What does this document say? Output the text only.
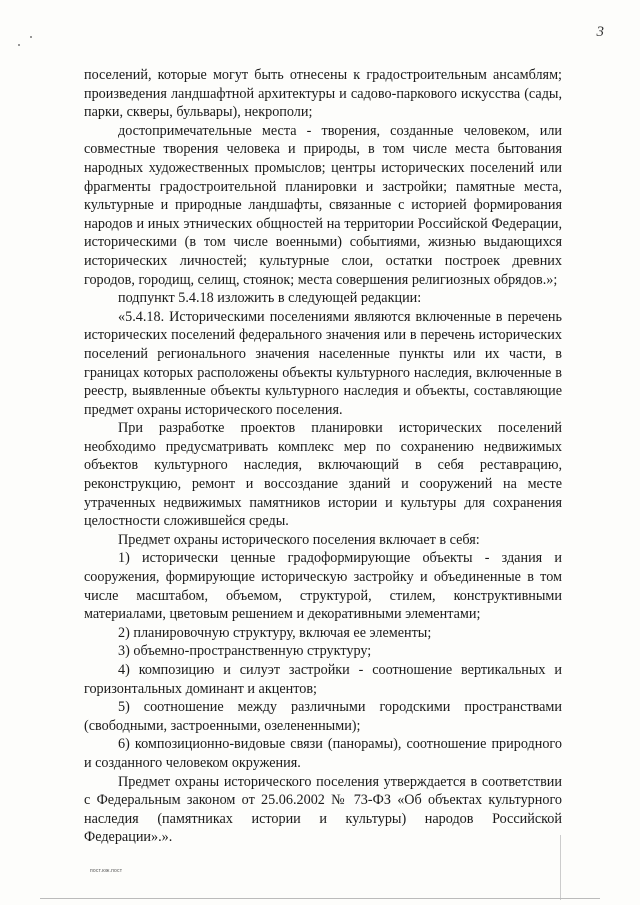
3

поселений, которые могут быть отнесены к градостроительным ансамблям; произведения ландшафтной архитектуры и садово-паркового искусства (сады, парки, скверы, бульвары), некрополи;

достопримечательные места - творения, созданные человеком, или совместные творения человека и природы, в том числе места бытования народных художественных промыслов; центры исторических поселений или фрагменты градостроительной планировки и застройки; памятные места, культурные и природные ландшафты, связанные с историей формирования народов и иных этнических общностей на территории Российской Федерации, историческими (в том числе военными) событиями, жизнью выдающихся исторических личностей; культурные слои, остатки построек древних городов, городищ, селищ, стоянок; места совершения религиозных обрядов.»;

подпункт 5.4.18 изложить в следующей редакции:

«5.4.18. Историческими поселениями являются включенные в перечень исторических поселений федерального значения или в перечень исторических поселений регионального значения населенные пункты или их части, в границах которых расположены объекты культурного наследия, включенные в реестр, выявленные объекты культурного наследия и объекты, составляющие предмет охраны исторического поселения.

При разработке проектов планировки исторических поселений необходимо предусматривать комплекс мер по сохранению недвижимых объектов культурного наследия, включающий в себя реставрацию, реконструкцию, ремонт и воссоздание зданий и сооружений на месте утраченных недвижимых памятников истории и культуры для сохранения целостности сложившейся среды.

Предмет охраны исторического поселения включает в себя:

1) исторически ценные градоформирующие объекты - здания и сооружения, формирующие историческую застройку и объединенные в том числе масштабом, объемом, структурой, стилем, конструктивными материалами, цветовым решением и декоративными элементами;

2) планировочную структуру, включая ее элементы;

3) объемно-пространственную структуру;

4) композицию и силуэт застройки - соотношение вертикальных и горизонтальных доминант и акцентов;

5) соотношение между различными городскими пространствами (свободными, застроенными, озелененными);

6) композиционно-видовые связи (панорамы), соотношение природного и созданного человеком окружения.

Предмет охраны исторического поселения утверждается в соответствии с Федеральным законом от 25.06.2002 № 73-ФЗ «Об объектах культурного наследия (памятниках истории и культуры) народов Российской Федерации».».

пост.юж.пост
